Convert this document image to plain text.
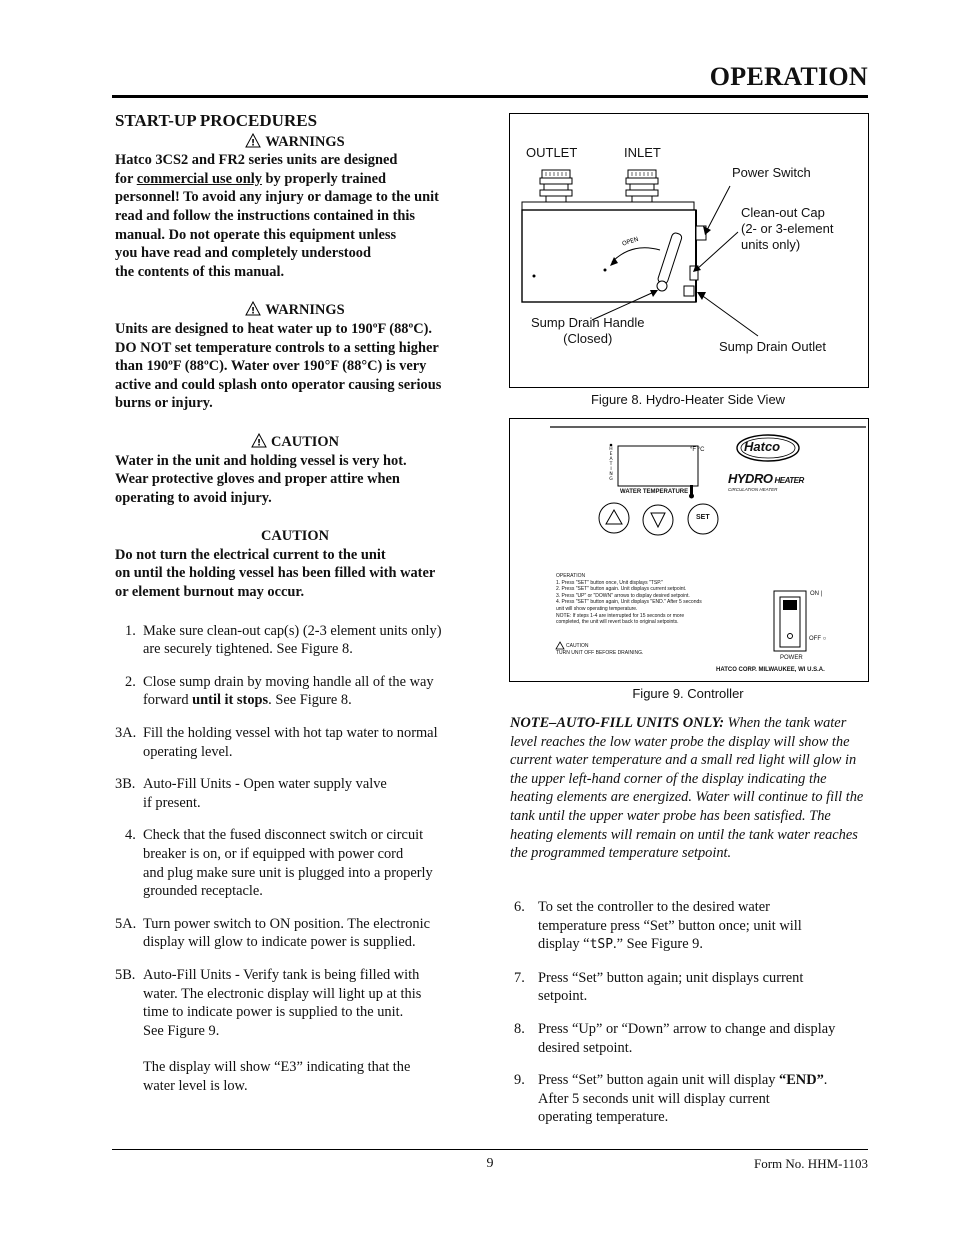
OPERATION
START-UP PROCEDURES
! WARNINGS
Hatco 3CS2 and FR2 series units are designed
for commercial use only by properly trained
personnel! To avoid any injury or damage to the unit
read and follow the instructions contained in this
manual. Do not operate this equipment unless
you have read and completely understood
the contents of this manual.
! WARNINGS
Units are designed to heat water up to 190ºF (88ºC).
DO NOT set temperature controls to a setting higher
than 190ºF (88ºC). Water over 190°F (88°C) is very
active and could splash onto operator causing serious
burns or injury.
! CAUTION
Water in the unit and holding vessel is very hot.
Wear protective gloves and proper attire when
operating to avoid injury.
CAUTION
Do not turn the electrical current to the unit
on until the holding vessel has been filled with water
or element burnout may occur.
1. Make sure clean-out cap(s) (2-3 element units only)
are securely tightened. See Figure 8.
2. Close sump drain by moving handle all of the way
forward until it stops. See Figure 8.
3A. Fill the holding vessel with hot tap water to normal
operating level.
3B. Auto-Fill Units - Open water supply valve
if present.
4. Check that the fused disconnect switch or circuit
breaker is on, or if equipped with power cord
and plug make sure unit is plugged into a properly
grounded receptacle.
5A. Turn power switch to ON position. The electronic
display will glow to indicate power is supplied.
5B. Auto-Fill Units - Verify tank is being filled with
water. The electronic display will light up at this
time to indicate power is supplied to the unit.
See Figure 9.
The display will show “E3” indicating that the
water level is low.
OPEN
OUTLET	INLET
Power Switch
Clean-out Cap
(2- or 3-element
units only)
Sump Drain Handle
(Closed)
Sump Drain Outlet
Figure 8. Hydro-Heater Side View
H
E
A
T
I
N
G
°F °C	Hatco
HYDRO HEATER
CIRCULATION HEATER
WATER TEMPERATURE
SET
OPERATION
1. Press "SET" button once, Unit displays "TSP."
2. Press "SET" button again. Unit displays current setpoint.
3. Press "UP" or "DOWN" arrows to display desired setpoint.
4. Press "SET" button again, Unit displays "END." After 5 seconds
unit will show operating temperature.
NOTE: If steps 1-4 are interrupted for 15 seconds or more
completed, the unit will revert back to original setpoints.
CAUTION
TURN UNIT OFF BEFORE DRAINING.
ON |
OFF ○
POWER
HATCO CORP. MILWAUKEE, WI U.S.A.
Figure 9. Controller
NOTE–AUTO-FILL UNITS ONLY: When the tank water level reaches the low water probe the display will show the current water temperature and a small red light will glow in the upper left-hand corner of the display indicating the heating elements are energized. Water will continue to fill the tank until the upper water probe has been satisfied. The heating elements will remain on until the tank water reaches the programmed temperature setpoint.
6. To set the controller to the desired water
temperature press “Set” button once; unit will
display “tSP.” See Figure 9.
7. Press “Set” button again; unit displays current
setpoint.
8. Press “Up” or “Down” arrow to change and display
desired setpoint.
9. Press “Set” button again unit will display “END”.
After 5 seconds unit will display current
operating temperature.
9	Form No. HHM-1103
